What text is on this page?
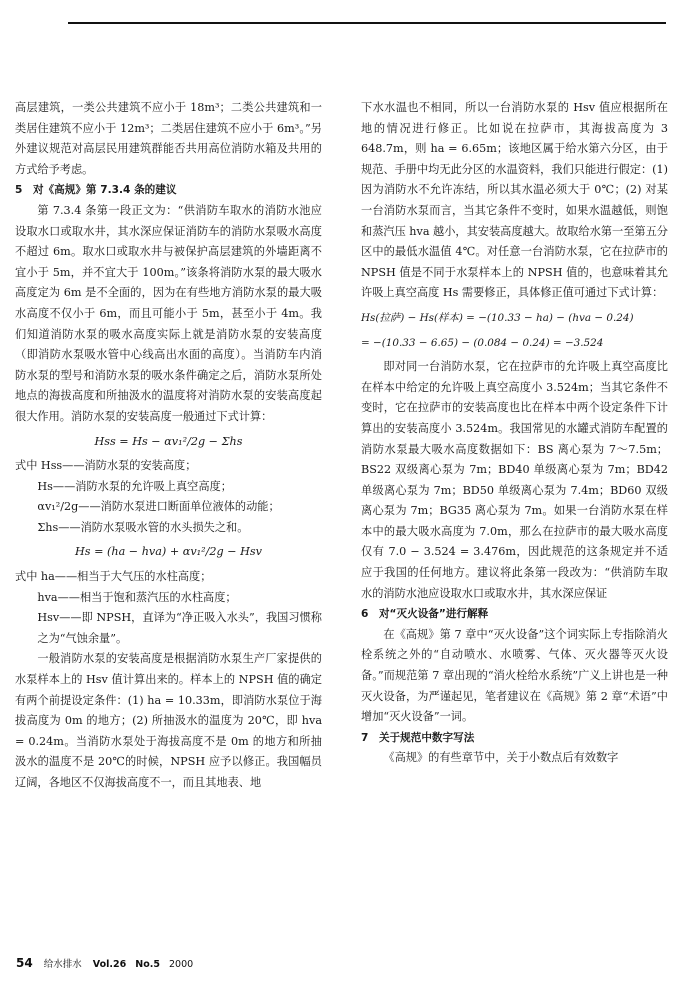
高层建筑，一类公共建筑不应小于 18m³；二类公共建筑和一类居住建筑不应小于 12m³；二类居住建筑不应小于 6m³。”另外建议规范对高层民用建筑群能否共用高位消防水箱及共用的方式给予考虑。

5　对《高规》第 7.3.4 条的建议

第 7.3.4 条第一段正文为：“供消防车取水的消防水池应设取水口或取水井，其水深应保证消防车的消防水泵吸水高度不超过 6m。取水口或取水井与被保护高层建筑的外墙距离不宜小于 5m，并不宜大于 100m。”该条将消防水泵的最大吸水高度定为 6m 是不全面的，因为在有些地方消防水泵的最大吸水高度不仅小于 6m，而且可能小于 5m，甚至小于 4m。我们知道消防水泵的吸水高度实际上就是消防水泵的安装高度（即消防水泵吸水管中心线高出水面的高度）。当消防车内消防水泵的型号和消防水泵的吸水条件确定之后，消防水泵所处地点的海拔高度和所抽汲水的温度将对消防水泵的安装高度起很大作用。消防水泵的安装高度一般通过下式计算：

Hss = Hs − αv₁²/2g − Σhs

式中 Hss——消防水泵的安装高度；

Hs——消防水泵的允许吸上真空高度；

αv₁²/2g——消防水泵进口断面单位液体的动能；

Σhs——消防水泵吸水管的水头损失之和。

Hs = (ha − hva) + αv₁²/2g − Hsv

式中 ha——相当于大气压的水柱高度；

hva——相当于饱和蒸汽压的水柱高度；

Hsv——即 NPSH，直译为“净正吸入水头”，我国习惯称之为“气蚀余量”。

一般消防水泵的安装高度是根据消防水泵生产厂家提供的水泵样本上的 Hsv 值计算出来的。样本上的 NPSH 值的确定有两个前提设定条件：(1) ha = 10.33m，即消防水泵位于海拔高度为 0m 的地方；(2) 所抽汲水的温度为 20℃，即 hva = 0.24m。当消防水泵处于海拔高度不是 0m 的地方和所抽汲水的温度不是 20℃的时候，NPSH 应予以修正。我国幅员辽阔，各地区不仅海拔高度不一，而且其地表、地

下水水温也不相同，所以一台消防水泵的 Hsv 值应根据所在地的情况进行修正。比如说在拉萨市，其海拔高度为 3 648.7m，则 ha = 6.65m；该地区属于给水第六分区，由于规范、手册中均无此分区的水温资料，我们只能进行假定：(1) 因为消防水不允许冻结，所以其水温必须大于 0℃；(2) 对某一台消防水泵而言，当其它条件不变时，如果水温越低，则饱和蒸汽压 hva 越小，其安装高度越大。故取给水第一至第五分区中的最低水温值 4℃。对任意一台消防水泵，它在拉萨市的 NPSH 值是不同于水泵样本上的 NPSH 值的，也意味着其允许吸上真空高度 Hs 需要修正，具体修正值可通过下式计算：

Hs(拉萨) − Hs(样本) = −(10.33 − ha) − (hva − 0.24)
= −(10.33 − 6.65) − (0.084 − 0.24) = −3.524

即对同一台消防水泵，它在拉萨市的允许吸上真空高度比在样本中给定的允许吸上真空高度小 3.524m；当其它条件不变时，它在拉萨市的安装高度也比在样本中两个设定条件下计算出的安装高度小 3.524m。我国常见的水罐式消防车配置的消防水泵最大吸水高度数据如下：BS 离心泵为 7～7.5m；BS22 双级离心泵为 7m；BD40 单级离心泵为 7m；BD42 单级离心泵为 7m；BD50 单级离心泵为 7.4m；BD60 双级离心泵为 7m；BG35 离心泵为 7m。如果一台消防水泵在样本中的最大吸水高度为 7.0m，那么在拉萨市的最大吸水高度仅有 7.0 − 3.524 = 3.476m，因此规范的这条规定并不适应于我国的任何地方。建议将此条第一段改为：“供消防车取水的消防水池应设取水口或取水井，其水深应保证

6　对“灭火设备”进行解释

在《高规》第 7 章中“灭火设备”这个词实际上专指除消火栓系统之外的“自动喷水、水喷雾、气体、灭火器等灭火设备。”而规范第 7 章出现的“消火栓给水系统”广义上讲也是一种灭火设备，为严谨起见，笔者建议在《高规》第 2 章“术语”中增加“灭火设备”一词。

7　关于规范中数字写法

《高规》的有些章节中，关于小数点后有效数字

54 给水排水 Vol.26 No.5 2000
